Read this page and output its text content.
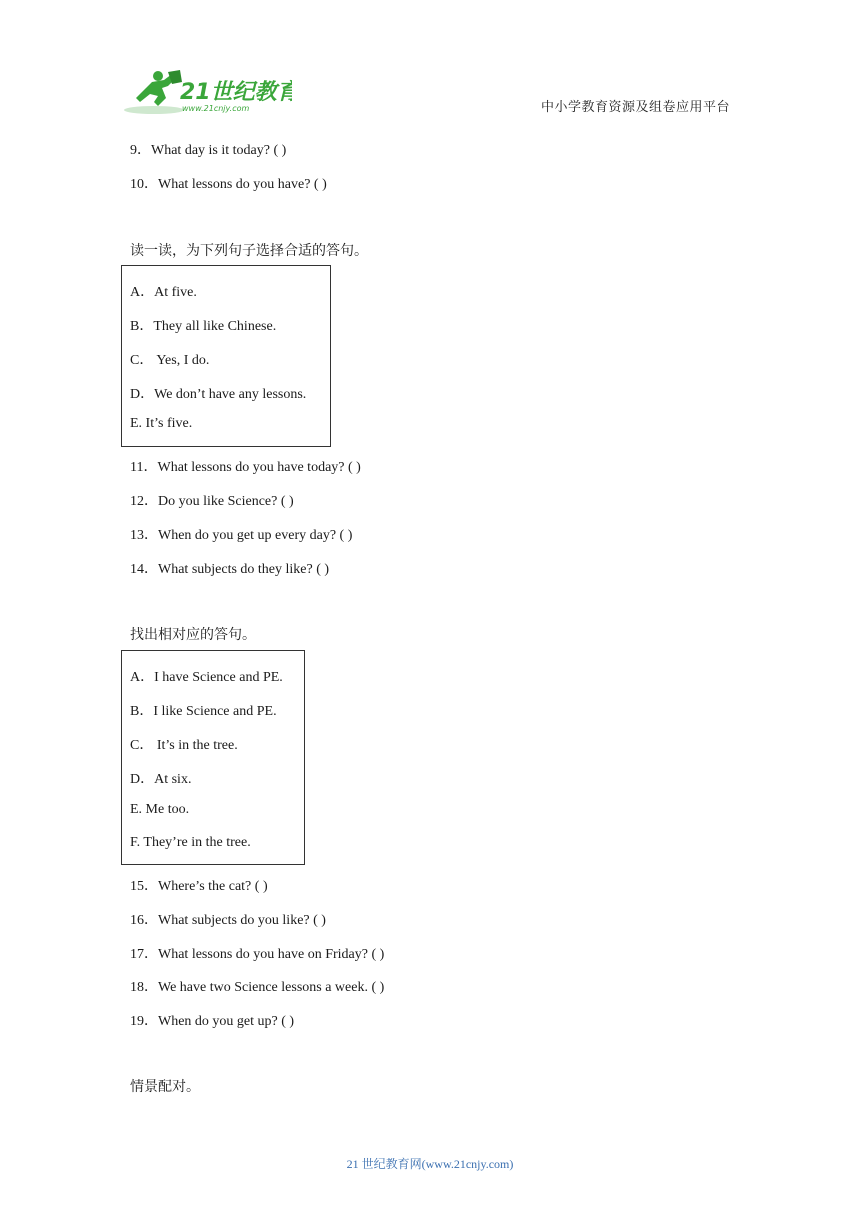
21世纪教育
www.21cnjy.com	中小学教育资源及组卷应用平台
9．What day is it today? ( )
10．What lessons do you have? ( )
读一读，为下列句子选择合适的答句。
A．At five.
B．They all like Chinese.
C． Yes, I do.
D．We don’t have any lessons.
E. It’s five.
11．What lessons do you have today? ( )
12．Do you like Science? ( )
13．When do you get up every day? ( )
14．What subjects do they like? ( )
找出相对应的答句。
A．I have Science and PE.
B．I like Science and PE.
C． It’s in the tree.
D．At six.
E. Me too.
F. They’re in the tree.
15．Where’s the cat? ( )
16．What subjects do you like? ( )
17．What lessons do you have on Friday? ( )
18．We have two Science lessons a week. ( )
19．When do you get up? ( )
情景配对。
21 世纪教育网(www.21cnjy.com)
